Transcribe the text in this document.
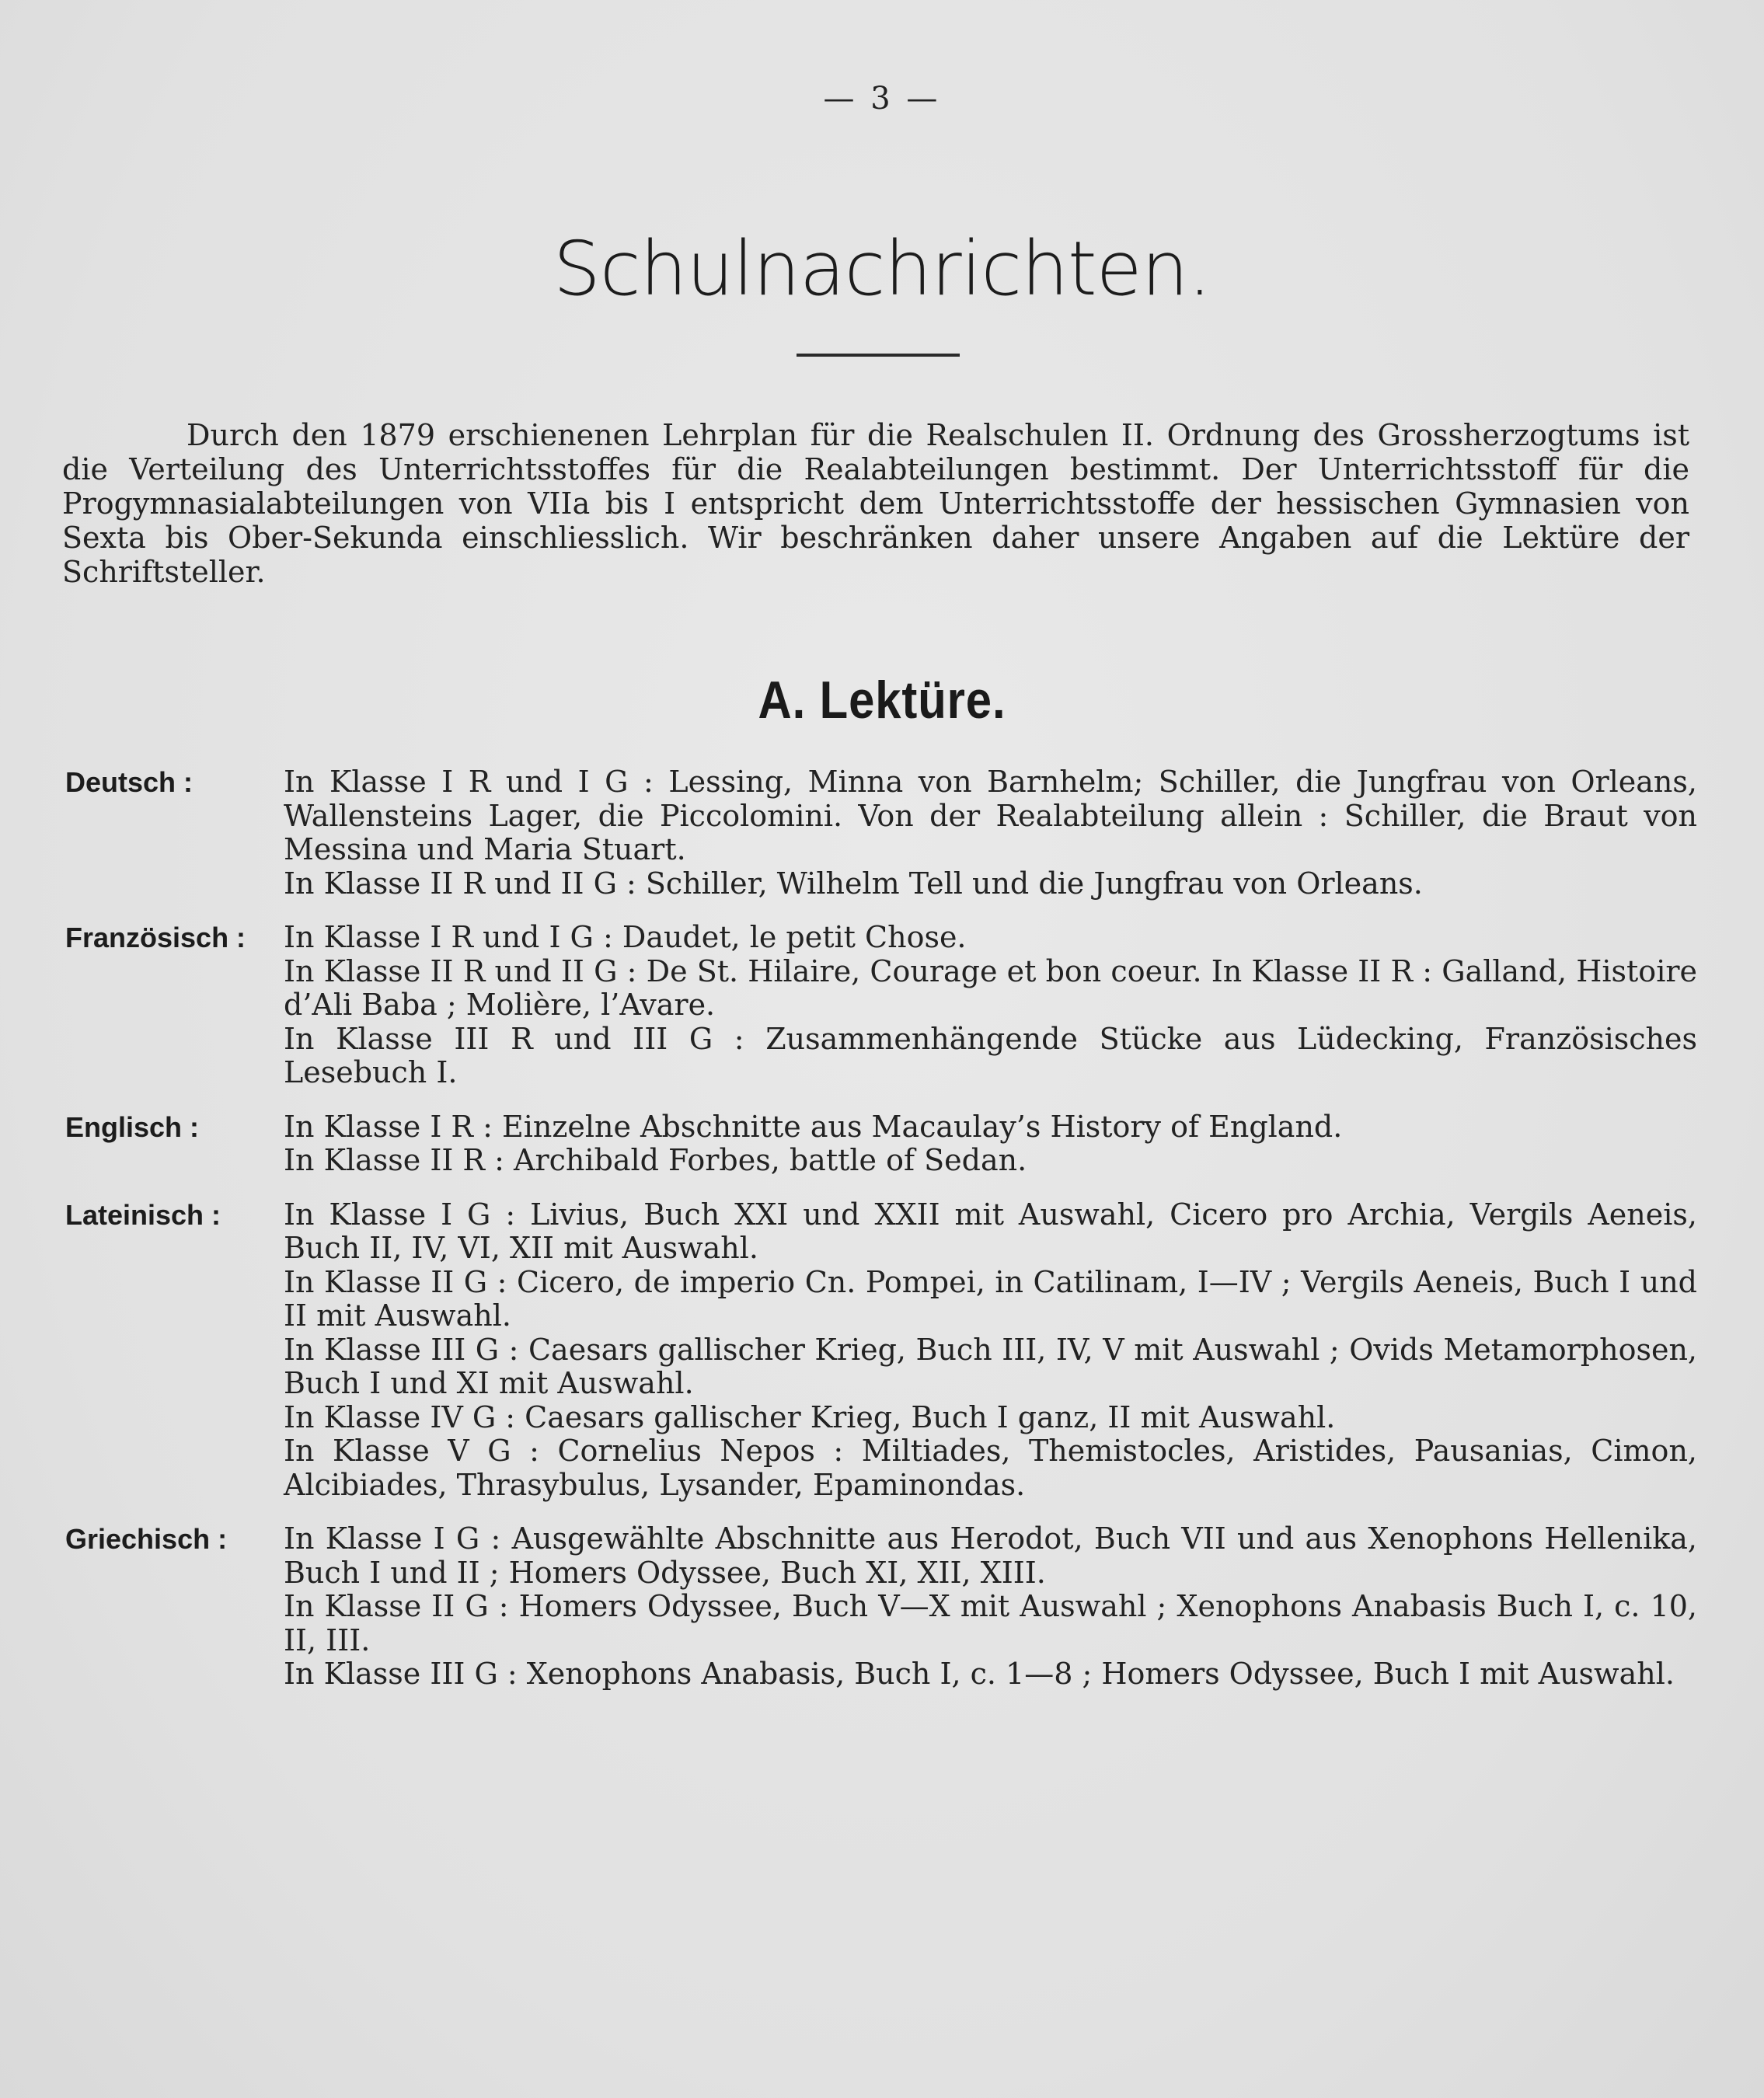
— 3 —
Schulnachrichten.
Durch den 1879 erschienenen Lehrplan für die Realschulen II. Ordnung des Grossherzogtums ist die Verteilung des Unterrichtsstoffes für die Realabteilungen bestimmt. Der Unterrichtsstoff für die Progymnasialabteilungen von VIIa bis I entspricht dem Unterrichtsstoffe der hessischen Gymnasien von Sexta bis Ober-Sekunda einschliesslich. Wir beschränken daher unsere Angaben auf die Lektüre der Schriftsteller.
A. Lektüre.
Deutsch :	In Klasse I R und I G : Lessing, Minna von Barnhelm; Schiller, die Jungfrau von Orleans, Wallensteins Lager, die Piccolomini. Von der Realabteilung allein : Schiller, die Braut von Messina und Maria Stuart.
In Klasse II R und II G : Schiller, Wilhelm Tell und die Jungfrau von Orleans.
Französisch :	In Klasse I R und I G : Daudet, le petit Chose.
In Klasse II R und II G : De St. Hilaire, Courage et bon coeur. In Klasse II R : Galland, Histoire d’Ali Baba ; Molière, l’Avare.
In Klasse III R und III G : Zusammenhängende Stücke aus Lüdecking, Französisches Lesebuch I.
Englisch :	In Klasse I R : Einzelne Abschnitte aus Macaulay’s History of England.
In Klasse II R : Archibald Forbes, battle of Sedan.
Lateinisch :	In Klasse I G : Livius, Buch XXI und XXII mit Auswahl, Cicero pro Archia, Vergils Aeneis, Buch II, IV, VI, XII mit Auswahl.
In Klasse II G : Cicero, de imperio Cn. Pompei, in Catilinam, I—IV ; Vergils Aeneis, Buch I und II mit Auswahl.
In Klasse III G : Caesars gallischer Krieg, Buch III, IV, V mit Auswahl ; Ovids Metamorphosen, Buch I und XI mit Auswahl.
In Klasse IV G : Caesars gallischer Krieg, Buch I ganz, II mit Auswahl.
In Klasse V G : Cornelius Nepos : Miltiades, Themistocles, Aristides, Pausanias, Cimon, Alcibiades, Thrasybulus, Lysander, Epaminondas.
Griechisch :	In Klasse I G : Ausgewählte Abschnitte aus Herodot, Buch VII und aus Xenophons Hellenika, Buch I und II ; Homers Odyssee, Buch XI, XII, XIII.
In Klasse II G : Homers Odyssee, Buch V—X mit Auswahl ; Xenophons Anabasis Buch I, c. 10, II, III.
In Klasse III G : Xenophons Anabasis, Buch I, c. 1—8 ; Homers Odyssee, Buch I mit Auswahl.
